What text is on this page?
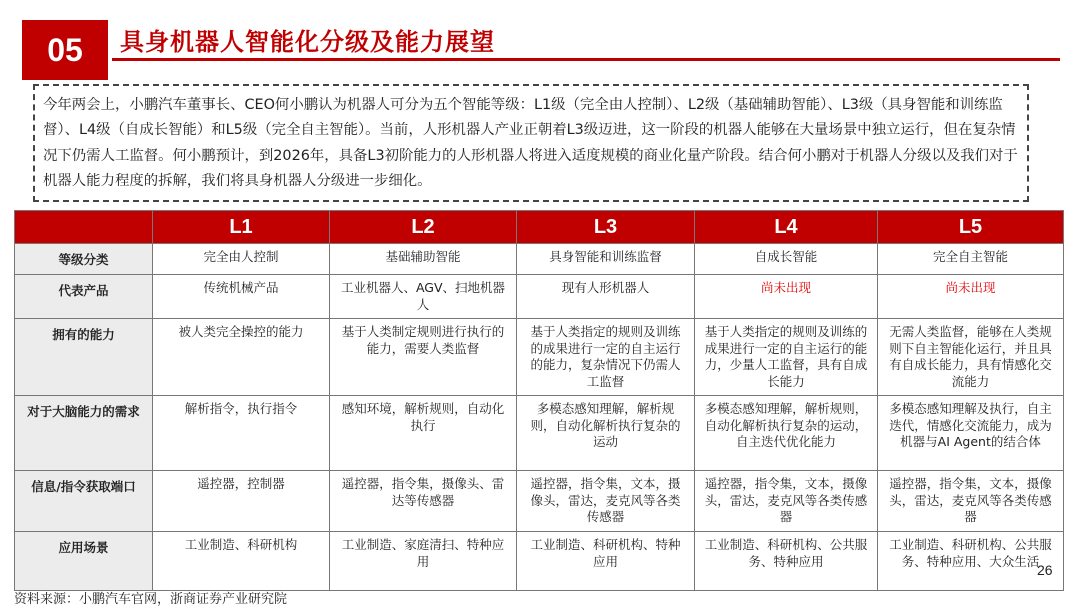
05 具身机器人智能化分级及能力展望
今年两会上，小鹏汽车董事长、CEO何小鹏认为机器人可分为五个智能等级：L1级（完全由人控制）、L2级（基础辅助智能）、L3级（具身智能和训练监督）、L4级（自成长智能）和L5级（完全自主智能）。当前，人形机器人产业正朝着L3级迈进，这一阶段的机器人能够在大量场景中独立运行，但在复杂情况下仍需人工监督。何小鹏预计，到2026年，具备L3初阶能力的人形机器人将进入适度规模的商业化量产阶段。结合何小鹏对于机器人分级以及我们对于机器人能力程度的拆解，我们将具身机器人分级进一步细化。
	L1	L2	L3	L4	L5
等级分类	完全由人控制	基础辅助智能	具身智能和训练监督	自成长智能	完全自主智能
代表产品	传统机械产品	工业机器人、AGV、扫地机器人	现有人形机器人	尚未出现	尚未出现
拥有的能力	被人类完全操控的能力	基于人类制定规则进行执行的能力，需要人类监督	基于人类指定的规则及训练的成果进行一定的自主运行的能力，复杂情况下仍需人工监督	基于人类指定的规则及训练的成果进行一定的自主运行的能力，少量人工监督，具有自成长能力	无需人类监督，能够在人类规则下自主智能化运行，并且具有自成长能力，具有情感化交流能力
对于大脑能力的需求	解析指令，执行指令	感知环境，解析规则，自动化执行	多模态感知理解，解析规则，自动化解析执行复杂的运动	多模态感知理解，解析规则，自动化解析执行复杂的运动，自主迭代优化能力	多模态感知理解及执行，自主迭代，情感化交流能力，成为机器与AI Agent的结合体
信息/指令获取端口	遥控器，控制器	遥控器，指令集，摄像头、雷达等传感器	遥控器，指令集，文本，摄像头，雷达，麦克风等各类传感器	遥控器，指令集，文本，摄像头，雷达，麦克风等各类传感器	遥控器，指令集，文本，摄像头，雷达，麦克风等各类传感器
应用场景	工业制造、科研机构	工业制造、家庭清扫、特种应用	工业制造、科研机构、特种应用	工业制造、科研机构、公共服务、特种应用	工业制造、科研机构、公共服务、特种应用、大众生活
26
资料来源：小鹏汽车官网，浙商证券产业研究院
